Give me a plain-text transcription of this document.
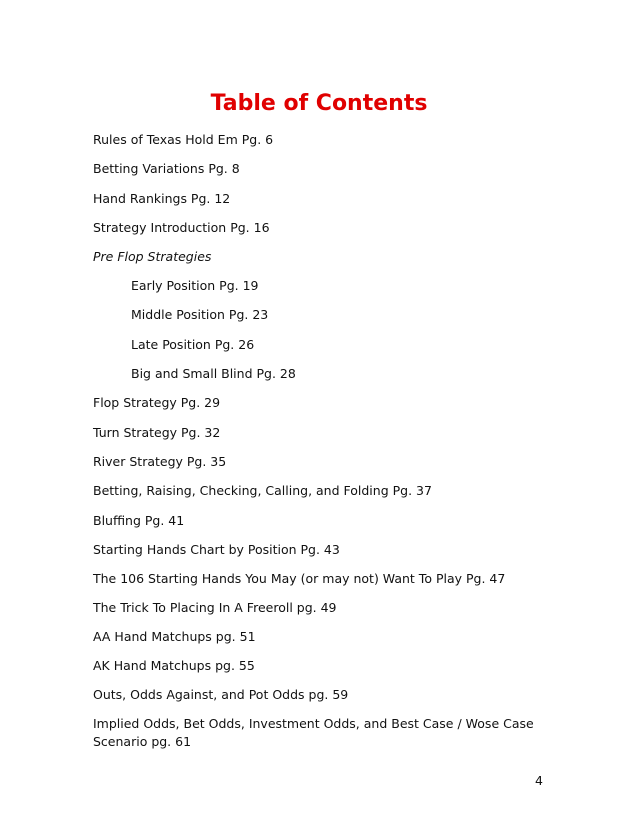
Table of Contents
Rules of Texas Hold Em Pg. 6
Betting Variations Pg. 8
Hand Rankings Pg. 12
Strategy Introduction Pg. 16
Pre Flop Strategies
Early Position Pg. 19
Middle Position Pg. 23
Late Position Pg. 26
Big and Small Blind Pg. 28
Flop Strategy Pg. 29
Turn Strategy Pg. 32
River Strategy Pg. 35
Betting, Raising, Checking, Calling, and Folding Pg. 37
Bluffing Pg. 41
Starting Hands Chart by Position Pg. 43
The 106 Starting Hands You May (or may not) Want To Play Pg. 47
The Trick To Placing In A Freeroll pg. 49
AA Hand Matchups pg. 51
AK Hand Matchups pg. 55
Outs, Odds Against, and Pot Odds pg. 59
Implied Odds, Bet Odds, Investment Odds, and Best Case / Wose Case Scenario pg. 61
4
